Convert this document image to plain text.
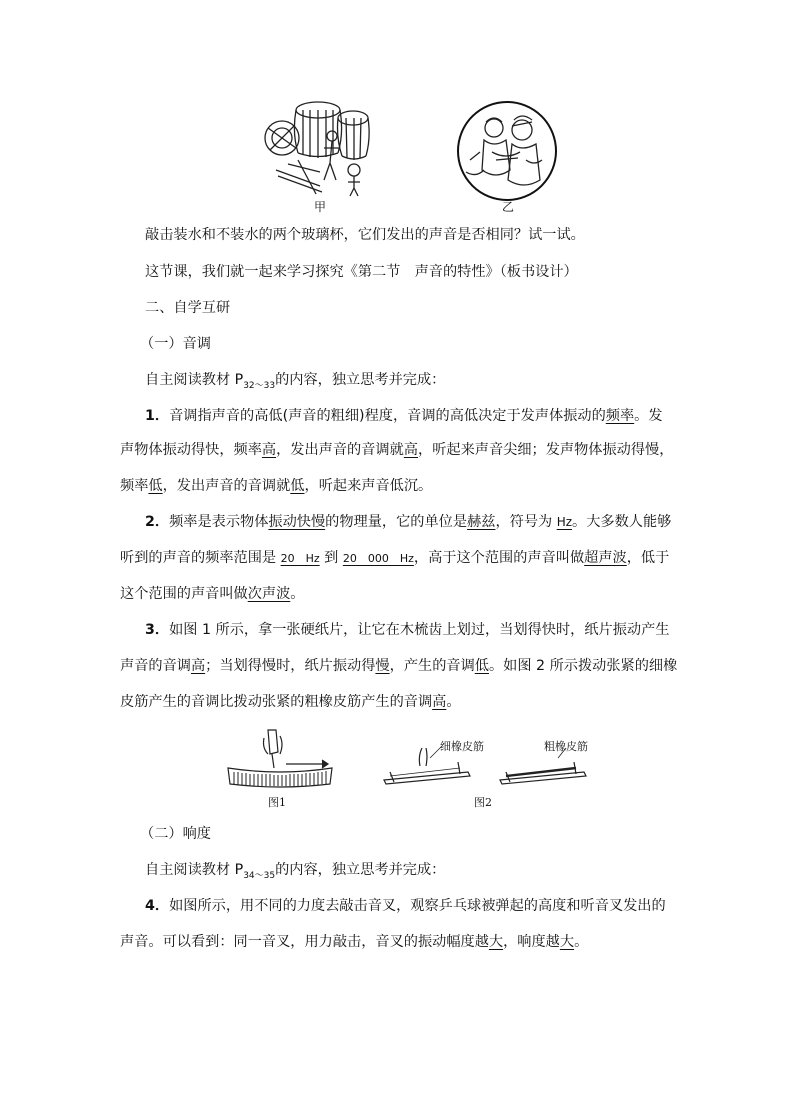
甲	乙
敲击装水和不装水的两个玻璃杯，它们发出的声音是否相同？试一试。
这节课，我们就一起来学习探究《第二节　声音的特性》（板书设计）
二、自学互研
（一）音调
自主阅读教材 $P_{32\sim 33}$的内容，独立思考并完成：
1．音调指声音的高低(声音的粗细)程度，音调的高低决定于发声体振动的频率。发
声物体振动得快，频率高，发出声音的音调就高，听起来声音尖细；发声物体振动得慢，
频率低，发出声音的音调就低，听起来声音低沉。
2．频率是表示物体振动快慢的物理量，它的单位是赫兹，符号为 Hz。大多数人能够
听到的声音的频率范围是 20　Hz 到 20　000　Hz，高于这个范围的声音叫做超声波，低于
这个范围的声音叫做次声波。
3．如图 1 所示，拿一张硬纸片，让它在木梳齿上划过，当划得快时，纸片振动产生
声音的音调高；当划得慢时，纸片振动得慢，产生的音调低。如图 2 所示拨动张紧的细橡
皮筋产生的音调比拨动张紧的粗橡皮筋产生的音调高。
图1
细橡皮筋	粗橡皮筋
图2
（二）响度
自主阅读教材 $P_{34\sim 35}$的内容，独立思考并完成：
4．如图所示，用不同的力度去敲击音叉，观察乒乓球被弹起的高度和听音叉发出的
声音。可以看到：同一音叉，用力敲击，音叉的振动幅度越大，响度越大。
